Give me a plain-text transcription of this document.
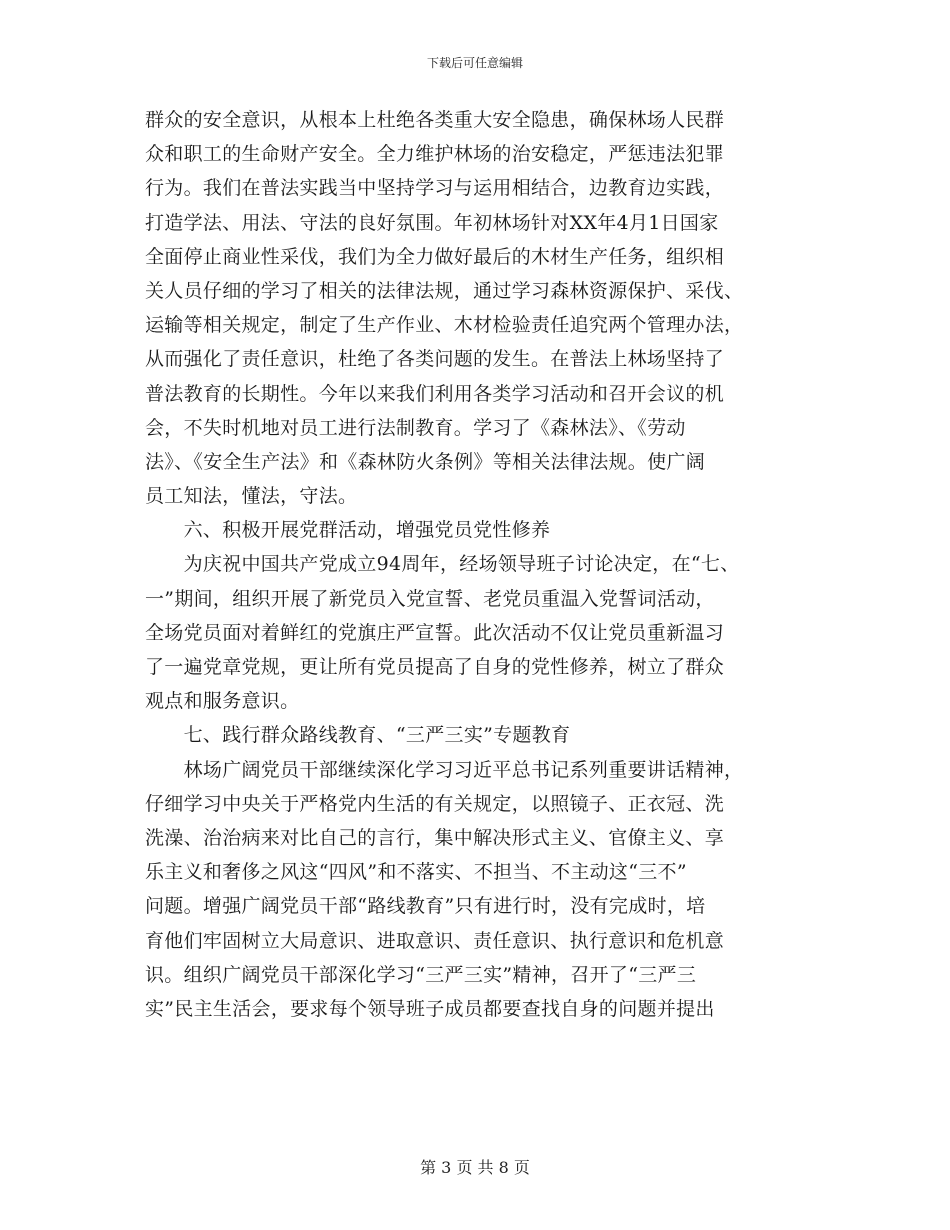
下载后可任意编辑
群众的安全意识，从根本上杜绝各类重大安全隐患，确保林场人民群
众和职工的生命财产安全。全力维护林场的治安稳定，严惩违法犯罪
行为。我们在普法实践当中坚持学习与运用相结合，边教育边实践，
打造学法、用法、守法的良好氛围。年初林场针对XX年4月1日国家
全面停止商业性采伐，我们为全力做好最后的木材生产任务，组织相
关人员仔细的学习了相关的法律法规，通过学习森林资源保护、采伐、
运输等相关规定，制定了生产作业、木材检验责任追究两个管理办法，
从而强化了责任意识，杜绝了各类问题的发生。在普法上林场坚持了
普法教育的长期性。今年以来我们利用各类学习活动和召开会议的机
会，不失时机地对员工进行法制教育。学习了《森林法》、《劳动
法》、《安全生产法》和《森林防火条例》等相关法律法规。使广阔
员工知法，懂法，守法。
　　六、积极开展党群活动，增强党员党性修养
　　为庆祝中国共产党成立94周年，经场领导班子讨论决定，在“七、
一”期间，组织开展了新党员入党宣誓、老党员重温入党誓词活动，
全场党员面对着鲜红的党旗庄严宣誓。此次活动不仅让党员重新温习
了一遍党章党规，更让所有党员提高了自身的党性修养，树立了群众
观点和服务意识。
　　七、践行群众路线教育、“三严三实”专题教育
　　林场广阔党员干部继续深化学习习近平总书记系列重要讲话精神，
仔细学习中央关于严格党内生活的有关规定，以照镜子、正衣冠、洗
洗澡、治治病来对比自己的言行，集中解决形式主义、官僚主义、享
乐主义和奢侈之风这“四风”和不落实、不担当、不主动这“三不”
问题。增强广阔党员干部“路线教育”只有进行时，没有完成时，培
育他们牢固树立大局意识、进取意识、责任意识、执行意识和危机意
识。组织广阔党员干部深化学习“三严三实”精神，召开了“三严三
实”民主生活会，要求每个领导班子成员都要查找自身的问题并提出
第 3 页 共 8 页
